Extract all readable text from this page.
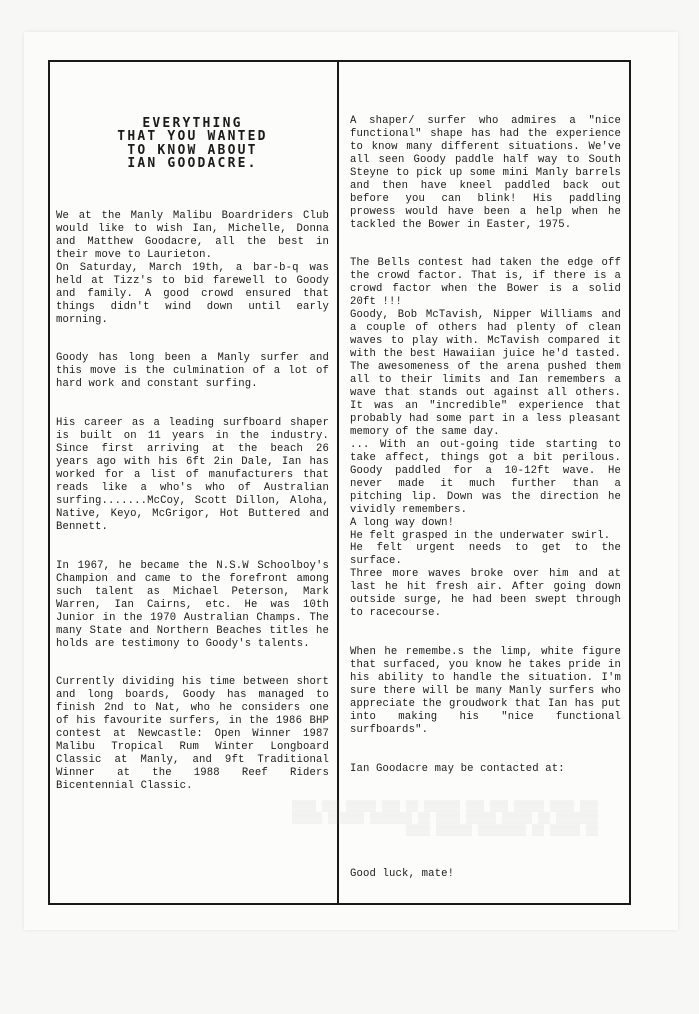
▒▒▒ ▒▒▒▒ ▒▒▒▒▒ ▒▒▒ ▒▒▒ ▒▒▒▒▒▒ ▒▒ ▒▒▒ ▒▒▒▒▒ ▒▒▒ ▒▒▒▒
▒▒▒▒▒▒▒ ▒▒ ▒▒▒▒▒ ▒▒▒▒▒ ▒▒▒▒ ▒▒ ▒▒▒▒▒▒▒ ▒▒▒▒▒▒ ▒▒▒▒▒
▒▒ ▒▒▒▒▒ ▒▒ ▒▒▒▒▒▒▒▒ ▒▒▒▒▒▒ ▒▒▒▒

EVERYTHING
THAT YOU WANTED
TO KNOW ABOUT
IAN GOODACRE.

We at the Manly Malibu Boardriders Club would like to wish Ian, Michelle, Donna and Matthew Goodacre, all the best in their move to Laurieton.
On Saturday, March 19th, a bar-b-q was held at Tizz's to bid farewell to Goody and family. A good crowd ensured that things didn't wind down until early morning.

Goody has long been a Manly surfer and this move is the culmination of a lot of hard work and constant surfing.

His career as a leading surfboard shaper is built on 11 years in the industry. Since first arriving at the beach 26 years ago with his 6ft 2in Dale, Ian has worked for a list of manufacturers that reads like a who's who of Australian surfing.......McCoy, Scott Dillon, Aloha, Native, Keyo, McGrigor, Hot Buttered and Bennett.

In 1967, he became the N.S.W Schoolboy's Champion and came to the forefront among such talent as Michael Peterson, Mark Warren, Ian Cairns, etc. He was 10th Junior in the 1970 Australian Champs. The many State and Northern Beaches titles he holds are testimony to Goody's talents.

Currently dividing his time between short and long boards, Goody has managed to finish 2nd to Nat, who he considers one of his favourite surfers, in the 1986 BHP contest at Newcastle: Open Winner 1987 Malibu Tropical Rum Winter Longboard Classic at Manly, and 9ft Traditional Winner at the 1988 Reef Riders Bicentennial Classic.

A shaper/ surfer who admires a "nice functional" shape has had the experience to know many different situations. We've all seen Goody paddle half way to South Steyne to pick up some mini Manly barrels and then have kneel paddled back out before you can blink! His paddling prowess would have been a help when he tackled the Bower in Easter, 1975.

The Bells contest had taken the edge off the crowd factor. That is, if there is a crowd factor when the Bower is a solid 20ft !!!
Goody, Bob McTavish, Nipper Williams and a couple of others had plenty of clean waves to play with. McTavish compared it with the best Hawaiian juice he'd tasted. The awesomeness of the arena pushed them all to their limits and Ian remembers a wave that stands out against all others. It was an "incredible" experience that probably had some part in a less pleasant memory of the same day.
... With an out-going tide starting to take affect, things got a bit perilous. Goody paddled for a 10-12ft wave. He never made it much further than a pitching lip. Down was the direction he vividly remembers.
A long way down!
He felt grasped in the underwater swirl.
He felt urgent needs to get to the surface.
Three more waves broke over him and at last he hit fresh air. After going down outside surge, he had been swept through to racecourse.

When he remembe.s the limp, white figure that surfaced, you know he takes pride in his ability to handle the situation. I'm sure there will be many Manly surfers who appreciate the groudwork that Ian has put into making his "nice functional surfboards".

Ian Goodacre may be contacted at:

Good luck, mate!
